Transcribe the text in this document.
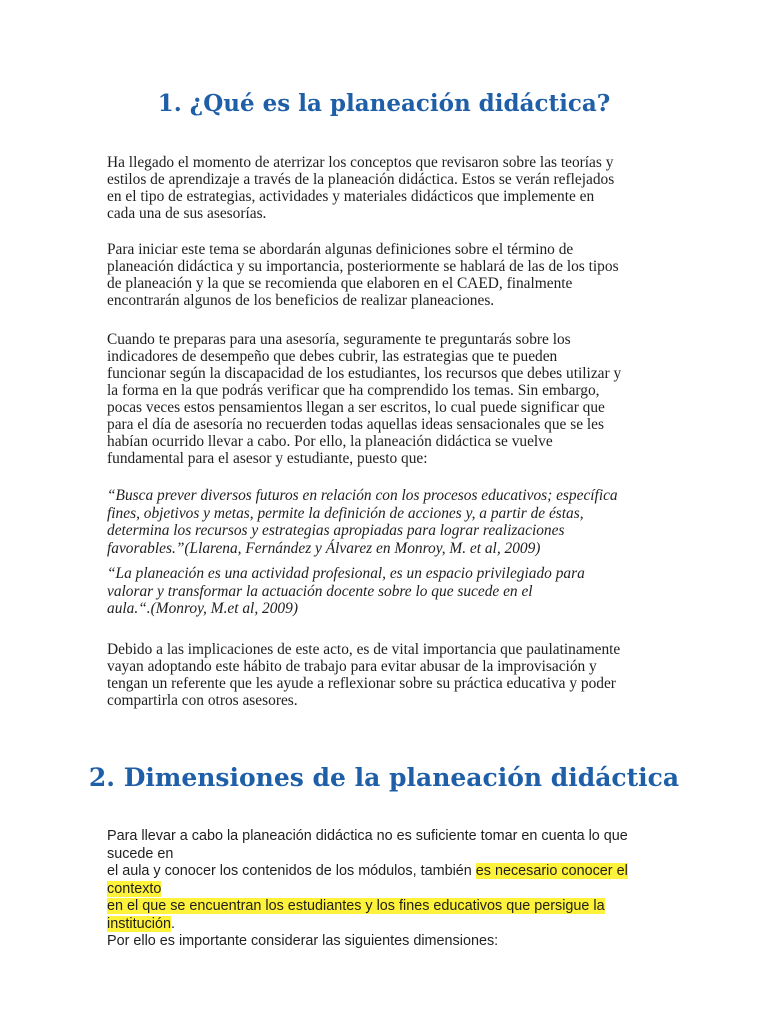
1. ¿Qué es la planeación didáctica?

Ha llegado el momento de aterrizar los conceptos que revisaron sobre las teorías y
estilos de aprendizaje a través de la planeación didáctica. Estos se verán reflejados
en el tipo de estrategias, actividades y materiales didácticos que implemente en
cada una de sus asesorías.

Para iniciar este tema se abordarán algunas definiciones sobre el término de
planeación didáctica y su importancia, posteriormente se hablará de las de los tipos
de planeación y la que se recomienda que elaboren en el CAED, finalmente
encontrarán algunos de los beneficios de realizar planeaciones.

Cuando te preparas para una asesoría, seguramente te preguntarás sobre los
indicadores de desempeño que debes cubrir, las estrategias que te pueden
funcionar según la discapacidad de los estudiantes, los recursos que debes utilizar y
la forma en la que podrás verificar que ha comprendido los temas. Sin embargo,
pocas veces estos pensamientos llegan a ser escritos, lo cual puede significar que
para el día de asesoría no recuerden todas aquellas ideas sensacionales que se les
habían ocurrido llevar a cabo. Por ello, la planeación didáctica se vuelve
fundamental para el asesor y estudiante, puesto que:

“Busca prever diversos futuros en relación con los procesos educativos; específica
fines, objetivos y metas, permite la definición de acciones y, a partir de éstas,
determina los recursos y estrategias apropiadas para lograr realizaciones
favorables.”(Llarena, Fernández y Álvarez en Monroy, M. et al, 2009)

“La planeación es una actividad profesional, es un espacio privilegiado para
valorar y transformar la actuación docente sobre lo que sucede en el
aula.“.(Monroy, M.et al, 2009)

Debido a las implicaciones de este acto, es de vital importancia que paulatinamente
vayan adoptando este hábito de trabajo para evitar abusar de la improvisación y
tengan un referente que les ayude a reflexionar sobre su práctica educativa y poder
compartirla con otros asesores.

2. Dimensiones de la planeación didáctica

Para llevar a cabo la planeación didáctica no es suficiente tomar en cuenta lo que sucede en
el aula y conocer los contenidos de los módulos, también es necesario conocer el contexto
en el que se encuentran los estudiantes y los fines educativos que persigue la institución.
Por ello es importante considerar las siguientes dimensiones:
